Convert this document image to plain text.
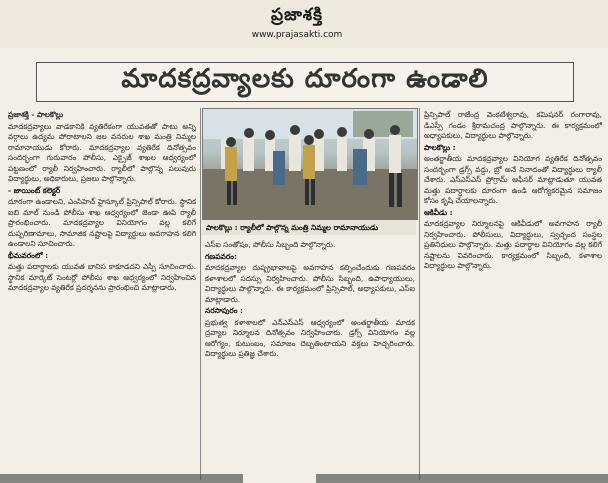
ప్రజాశక్తి
www.prajasakti.com
మాదకద్రవ్యాలకు దూరంగా ఉండాలి

ప్రజాశక్తి - పాలకొల్లు

మాదకద్రవ్యాలు వాడకానికి వ్యతిరేకంగా యువతతో పాటు అన్ని వర్గాలు ఉద్యమ పోరాటాలని జల వనరుల శాఖ మంత్రి నిమ్మల రామానాయుడు కోరారు. మాదకద్రవ్యాల వ్యతిరేక దినోత్సవం సందర్భంగా గురువారం పోలీసు, ఎక్సైజ్ శాఖల ఆధ్వర్యంలో పట్టణంలో ర్యాలీ నిర్వహించారు. ర్యాలీలో పాల్గొన్న పలువురు విద్యార్థులు, అధికారులు, ప్రజలు పాల్గొన్నారు.

- జాయింట్ కలెక్టర్

దూరంగా ఉండాలని, ఎంసిహెచ్ హైస్కూల్ ప్రిన్సిపాల్ కోరారు. స్థానిక ఐబి మాల్ నుండి పోలీసు శాఖ ఆధ్వర్యంలో జెండా ఊపి ర్యాలీ ప్రారంభించారు. మాదకద్రవ్యాల వినియోగం వల్ల కలిగే దుష్పరిణామాలు, సామాజిక నష్టాలపై విద్యార్థులు అవగాహన కలిగి ఉండాలని సూచించారు.

భీమవరంలో :

మత్తు పదార్థాలకు యువత బానిస కాకూడదని ఎస్పీ సూచించారు. స్థానిక మార్కెట్ సెంటర్లో పోలీసు శాఖ ఆధ్వర్యంలో నిర్వహించిన మాదకద్రవ్యాల వ్యతిరేక ప్రదర్శనను ప్రారంభించి మాట్లాడారు.

పాలకొల్లు : ర్యాలీలో పాల్గొన్న మంత్రి నిమ్మల రామానాయుడు

ఎస్ఐ సంతోషం, పోలీసు సిబ్బంది పాల్గొన్నారు.

గణపవరం:

మాదకద్రవ్యాల దుష్ప్రభావాలపై అవగాహన కల్పించేందుకు గణపవరం కళాశాలలో సదస్సు నిర్వహించారు. పోలీసు సిబ్బంది, ఉపాధ్యాయులు, విద్యార్థులు పాల్గొన్నారు. ఈ కార్యక్రమంలో ప్రిన్సిపాల్, అధ్యాపకులు, ఎస్ఐ మాట్లాడారు.

నరసాపురం :

ప్రభుత్వ కళాశాలలో ఎన్ఎస్ఎస్ ఆధ్వర్యంలో అంతర్జాతీయ మాదక ద్రవ్యాల నిర్మూలన దినోత్సవం నిర్వహించారు. డ్రగ్స్ వినియోగం వల్ల ఆరోగ్యం, కుటుంబం, సమాజం దెబ్బతింటాయని వక్తలు హెచ్చరించారు. విద్యార్థులు ప్రతిజ్ఞ చేశారు.

ప్రిన్సిపాల్ రాజేంద్ర వెంకటేశ్వరావు, కమిషనర్ రంగారావు, డిఎస్పీ గండం శ్రీరామచంద్ర పాల్గొన్నారు. ఈ కార్యక్రమంలో అధ్యాపకులు, విద్యార్థులు పాల్గొన్నారు.

పాలకొల్లు :

అంతర్జాతీయ మాదకద్రవ్యాల వినియోగ వ్యతిరేక దినోత్సవం సందర్భంగా డ్రగ్స్ వద్దు, బ్రో అనే నినాదంతో విద్యార్థులు ర్యాలీ చేశారు. ఎస్ఎస్ఎస్ ప్రోగ్రామ్ ఆఫీసర్ మాట్లాడుతూ యువత మత్తు పదార్థాలకు దూరంగా ఉండి ఆరోగ్యకరమైన సమాజం కోసం కృషి చేయాలన్నారు.

ఆకివీడు :

మాదకద్రవ్యాల నిర్మూలనపై ఆకివీడులో అవగాహన ర్యాలీ నిర్వహించారు. పోలీసులు, విద్యార్థులు, స్వచ్ఛంద సంస్థల ప్రతినిధులు పాల్గొన్నారు. మత్తు పదార్థాల వినియోగం వల్ల కలిగే నష్టాలను వివరించారు. కార్యక్రమంలో సిబ్బంది, కళాశాల విద్యార్థులు పాల్గొన్నారు.
